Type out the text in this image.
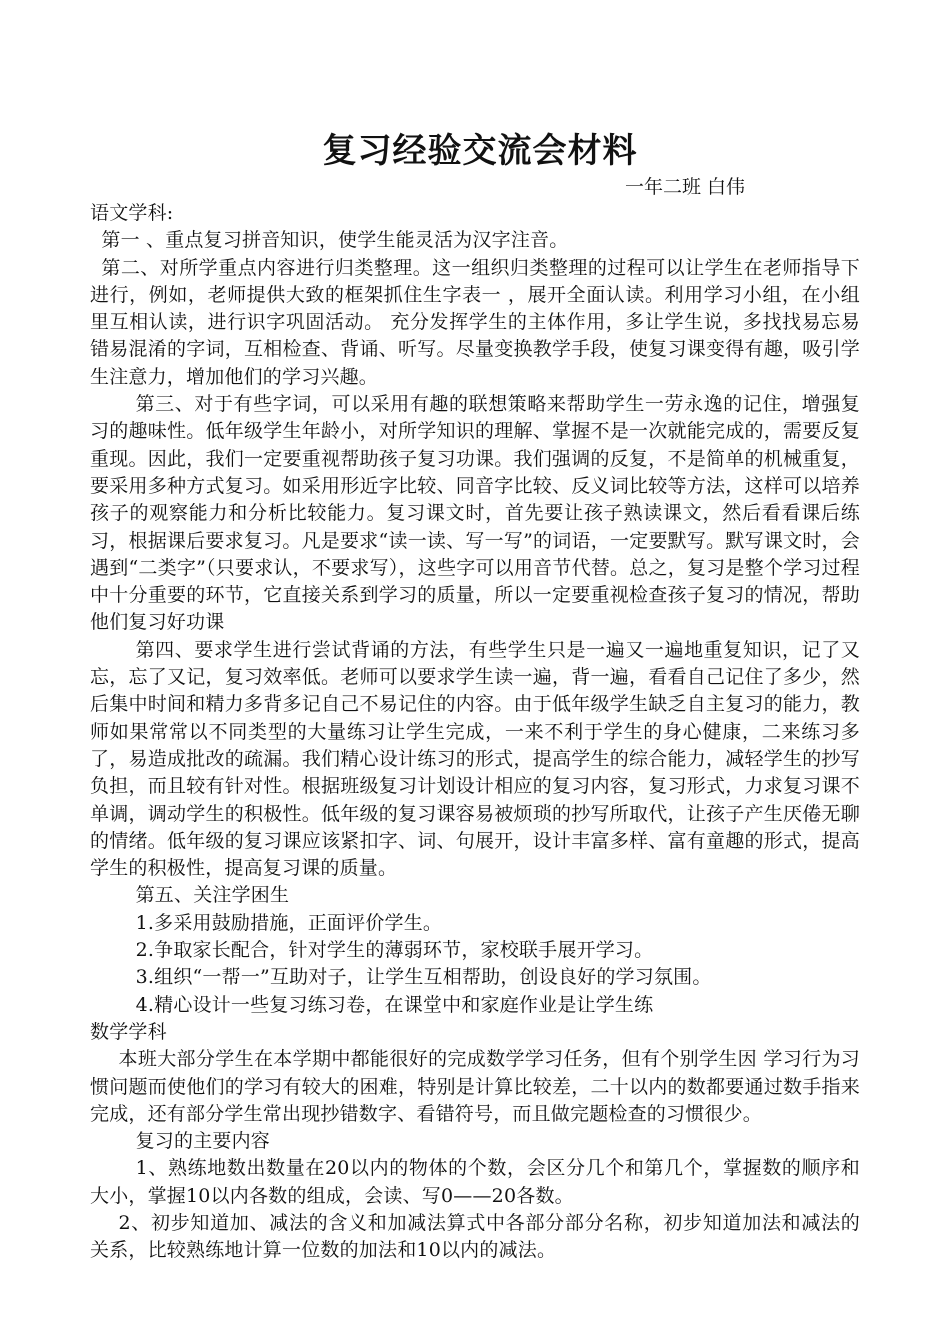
复习经验交流会材料

一年二班 白伟

语文学科:

第一 、重点复习拼音知识，使学生能灵活为汉字注音。

第二、对所学重点内容进行归类整理。这一组织归类整理的过程可以让学生在老师指导下进行，例如，老师提供大致的框架抓住生字表一 ，展开全面认读。利用学习小组，在小组里互相认读，进行识字巩固活动。 充分发挥学生的主体作用，多让学生说，多找找易忘易错易混淆的字词，互相检查、背诵、听写。尽量变换教学手段，使复习课变得有趣，吸引学生注意力，增加他们的学习兴趣。

第三、对于有些字词，可以采用有趣的联想策略来帮助学生一劳永逸的记住，增强复习的趣味性。低年级学生年龄小，对所学知识的理解、掌握不是一次就能完成的，需要反复重现。因此，我们一定要重视帮助孩子复习功课。我们强调的反复，不是简单的机械重复，要采用多种方式复习。如采用形近字比较、同音字比较、反义词比较等方法，这样可以培养孩子的观察能力和分析比较能力。复习课文时，首先要让孩子熟读课文，然后看看课后练习，根据课后要求复习。凡是要求“读一读、写一写”的词语，一定要默写。默写课文时，会遇到“二类字”（只要求认，不要求写），这些字可以用音节代替。总之，复习是整个学习过程中十分重要的环节，它直接关系到学习的质量，所以一定要重视检查孩子复习的情况，帮助他们复习好功课

第四、要求学生进行尝试背诵的方法，有些学生只是一遍又一遍地重复知识，记了又忘，忘了又记，复习效率低。老师可以要求学生读一遍，背一遍，看看自己记住了多少，然后集中时间和精力多背多记自己不易记住的内容。由于低年级学生缺乏自主复习的能力，教师如果常常以不同类型的大量练习让学生完成，一来不利于学生的身心健康，二来练习多了，易造成批改的疏漏。我们精心设计练习的形式，提高学生的综合能力，减轻学生的抄写负担，而且较有针对性。根据班级复习计划设计相应的复习内容，复习形式，力求复习课不单调，调动学生的积极性。低年级的复习课容易被烦琐的抄写所取代，让孩子产生厌倦无聊的情绪。低年级的复习课应该紧扣字、词、句展开，设计丰富多样、富有童趣的形式，提高学生的积极性，提高复习课的质量。

第五、关注学困生

1.多采用鼓励措施，正面评价学生。

2.争取家长配合，针对学生的薄弱环节，家校联手展开学习。

3.组织“一帮一”互助对子，让学生互相帮助，创设良好的学习氛围。

4.精心设计一些复习练习卷，在课堂中和家庭作业是让学生练

数学学科

本班大部分学生在本学期中都能很好的完成数学学习任务，但有个别学生因 学习行为习惯问题而使他们的学习有较大的困难，特别是计算比较差，二十以内的数都要通过数手指来完成，还有部分学生常出现抄错数字、看错符号，而且做完题检查的习惯很少。

复习的主要内容

1、熟练地数出数量在20以内的物体的个数，会区分几个和第几个，掌握数的顺序和大小，掌握10以内各数的组成，会读、写0——20各数。

2、初步知道加、减法的含义和加减法算式中各部分部分名称，初步知道加法和减法的关系，比较熟练地计算一位数的加法和10以内的减法。
